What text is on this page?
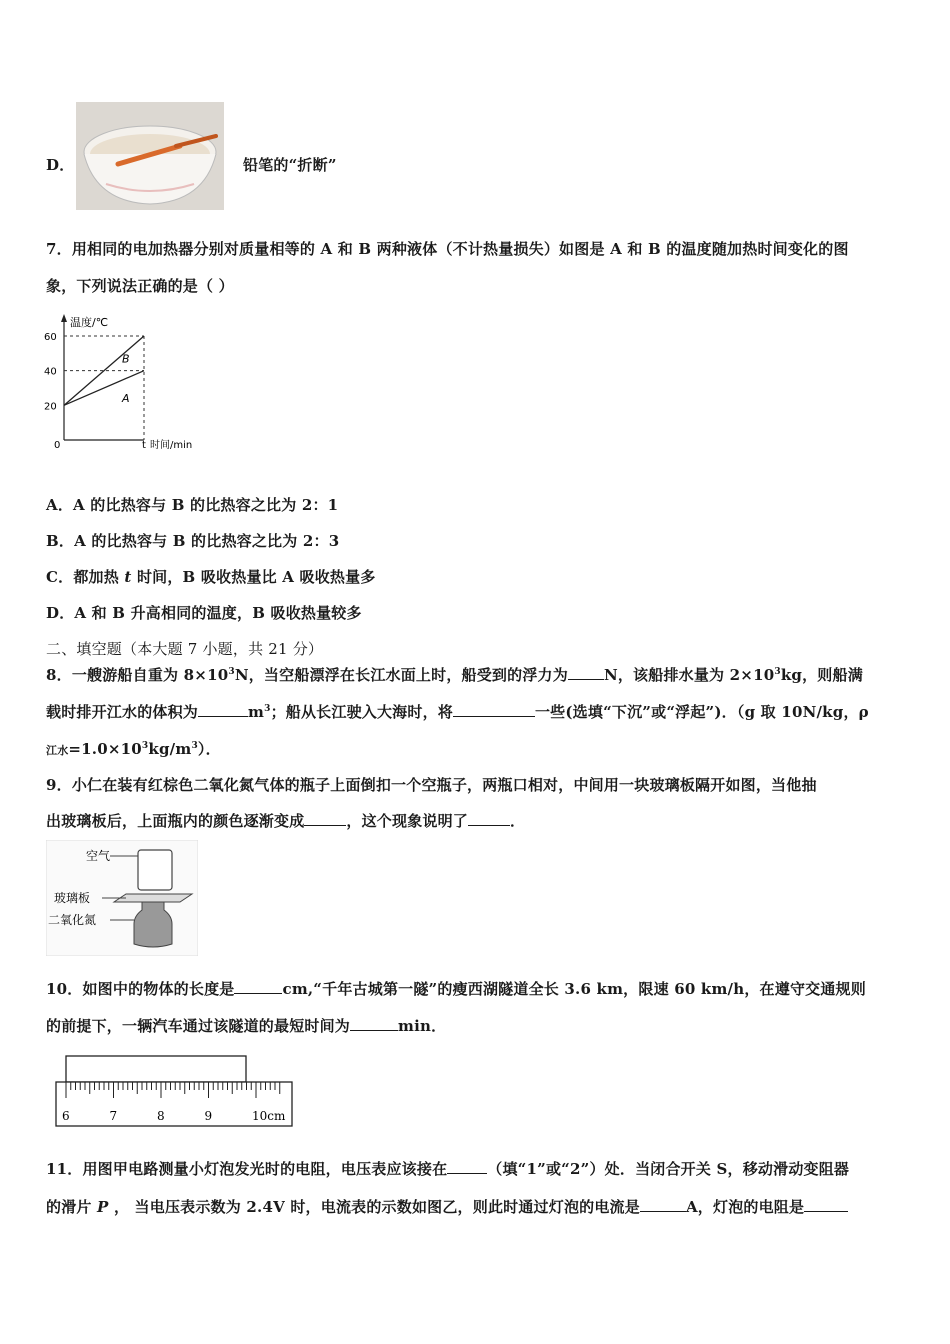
D．	铅笔的“折断”
7．用相同的电加热器分别对质量相等的 A 和 B 两种液体（不计热量损失）如图是 A 和 B 的温度随加热时间变化的图
象，下列说法正确的是（ ）
温度/℃
0	t 时间/min
60
40
20
B
A
A．A 的比热容与 B 的比热容之比为 2：1
B．A 的比热容与 B 的比热容之比为 2：3
C．都加热 t 时间，B 吸收热量比 A 吸收热量多
D．A 和 B 升高相同的温度，B 吸收热量较多
二、填空题（本大题 7 小题，共 21 分）
8．一艘游船自重为 $8\times 10^3N$，当空船漂浮在长江水面上时，船受到的浮力为 N，该船排水量为 $2\times 10^3kg$，则船满
载时排开江水的体积为	$m^3$；船从长江驶入大海时，将	一些(选填“下沉”或“浮起”)．（g 取 10N/kg，ρ
江水$=1.0\times 10^3kg/m^3$）．
9．小仁在装有红棕色二氧化氮气体的瓶子上面倒扣一个空瓶子，两瓶口相对，中间用一块玻璃板隔开如图，当他抽
出玻璃板后，上面瓶内的颜色逐渐变成	，这个现象说明了	．
空气
玻璃板
二氧化氮
10．如图中的物体的长度是	cm,“千年古城第一隧”的瘦西湖隧道全长 3.6 km，限速 60 km/h，在遵守交通规则
的前提下，一辆汽车通过该隧道的最短时间为	min．
6	7	8	9	10cm
11．用图甲电路测量小灯泡发光时的电阻，电压表应该接在	（填“1”或“2”）处．当闭合开关 S，移动滑动变阻器
的滑片 P ， 当电压表示数为 2.4V 时，电流表的示数如图乙，则此时通过灯泡的电流是	A，灯泡的电阻是
